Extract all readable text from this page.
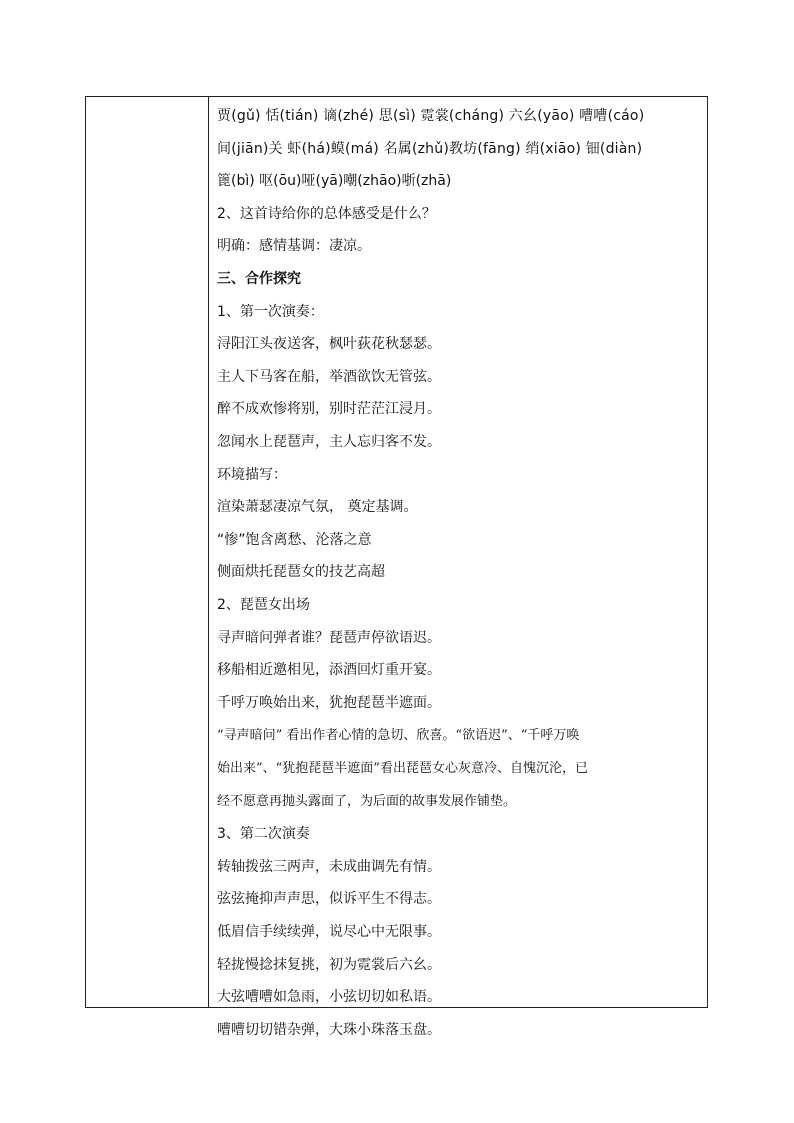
贾(gǔ) 恬(tián) 谪(zhé) 思(sì) 霓裳(cháng) 六幺(yāo) 嘈嘈(cáo)
间(jiān)关 虾(há)蟆(má) 名属(zhǔ)教坊(fāng) 绡(xiāo) 钿(diàn)
篦(bì) 呕(ōu)哑(yā)嘲(zhāo)哳(zhā)
2、这首诗给你的总体感受是什么？
明确：感情基调：凄凉。
三、合作探究
1、第一次演奏：
浔阳江头夜送客，枫叶荻花秋瑟瑟。
主人下马客在船，举酒欲饮无管弦。
醉不成欢惨将别，别时茫茫江浸月。
忽闻水上琵琶声，主人忘归客不发。
环境描写：
渲染萧瑟凄凉气氛， 奠定基调。
“惨”饱含离愁、沦落之意
侧面烘托琵琶女的技艺高超
2、琵琶女出场
寻声暗问弹者谁？琵琶声停欲语迟。
移船相近邀相见，添酒回灯重开宴。
千呼万唤始出来，犹抱琵琶半遮面。
“寻声暗问” 看出作者心情的急切、欣喜。“欲语迟”、“千呼万唤
始出来”、“犹抱琵琶半遮面”看出琵琶女心灰意冷、自愧沉沦，已
经不愿意再抛头露面了，为后面的故事发展作铺垫。
3、第二次演奏
转轴拨弦三两声，未成曲调先有情。
弦弦掩抑声声思，似诉平生不得志。
低眉信手续续弹，说尽心中无限事。
轻拢慢捻抹复挑，初为霓裳后六幺。
大弦嘈嘈如急雨，小弦切切如私语。
嘈嘈切切错杂弹，大珠小珠落玉盘。
